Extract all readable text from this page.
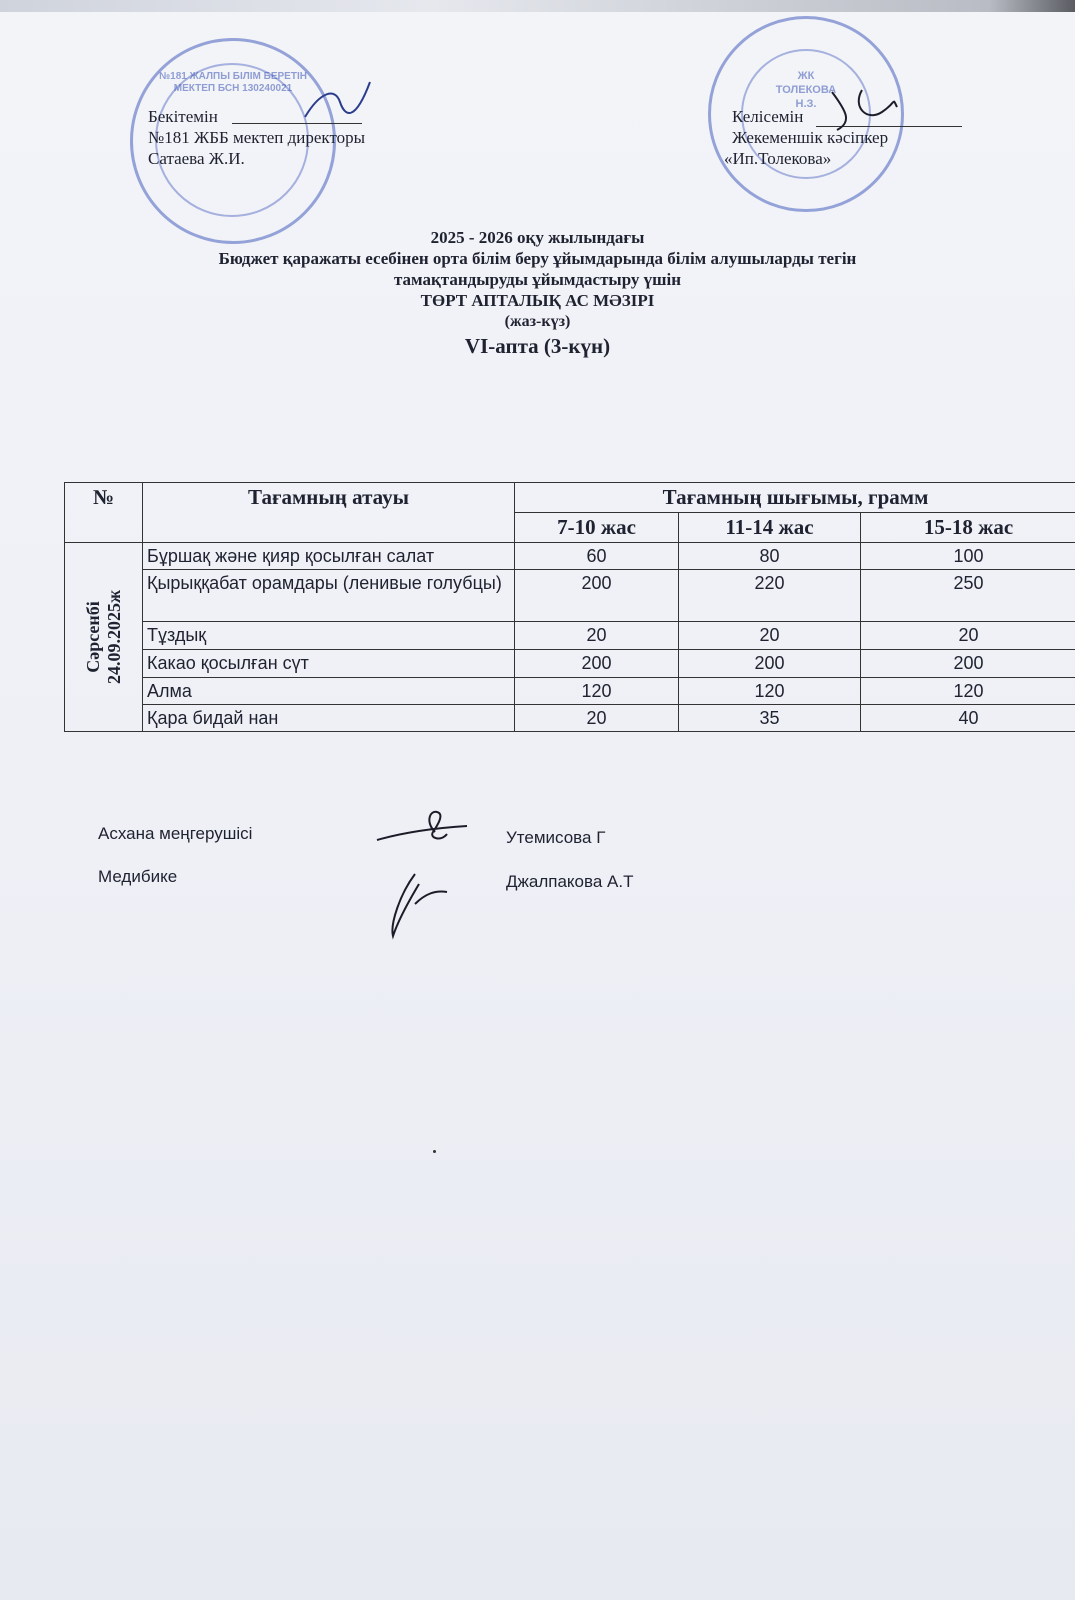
№181 ЖАЛПЫ БІЛІМ БЕРЕТІН МЕКТЕП БСН 130240021
ЖК ТОЛЕКОВА Н.З.
Бекітемін
№181 ЖББ мектеп директоры
Сатаева Ж.И.
Келісемін
Жекеменшік кәсіпкер
«Ип.Толекова»
2025 - 2026 оқу жылындағы
Бюджет қаражаты есебінен орта білім беру ұйымдарында білім алушыларды тегін
тамақтандыруды ұйымдастыру үшін
ТӨРТ АПТАЛЫҚ АС МӘЗІРІ
(жаз-күз)
VI-апта (3-күн)
№	Тағамның атауы	Тағамның шығымы, грамм		
		7-10 жас	11-14 жас	15-18 жас

Сәрсенбі 24.09.2025ж	Бұршақ және қияр қосылған салат	60	80	100
	Қырыққабат орамдары (ленивые голубцы)	200	220	250
	Тұздық	20	20	20
	Какао қосылған сүт	200	200	200
	Алма	120	120	120
	Қара бидай нан	20	35	40
Асхана меңгерушісі	Утемисова Г
Медибике	Джалпакова А.Т
